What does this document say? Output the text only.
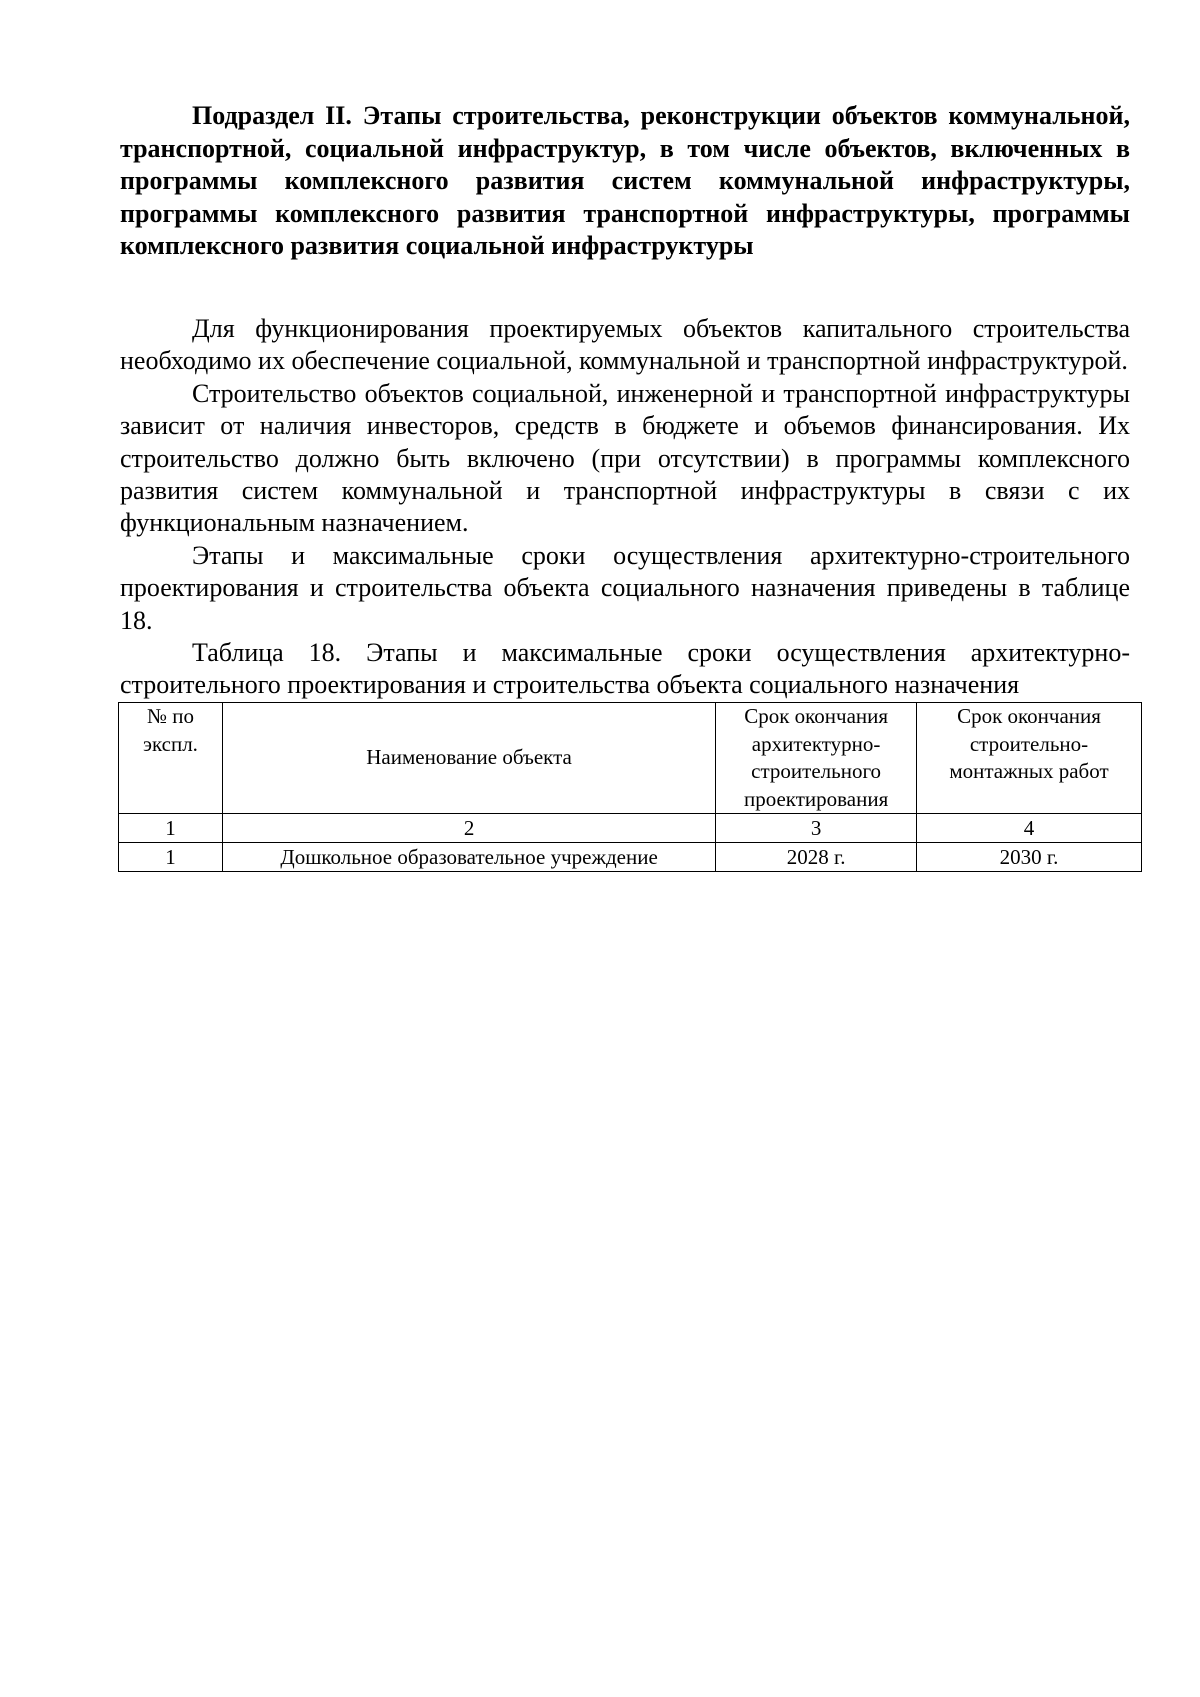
Подраздел II. Этапы строительства, реконструкции объектов коммунальной, транспортной, социальной инфраструктур, в том числе объектов, включенных в программы комплексного развития систем коммунальной инфраструктуры, программы комплексного развития транспортной инфраструктуры, программы комплексного развития социальной инфраструктуры

Для функционирования проектируемых объектов капитального строительства необходимо их обеспечение социальной, коммунальной и транспортной инфраструктурой.

Строительство объектов социальной, инженерной и транспортной инфраструктуры зависит от наличия инвесторов, средств в бюджете и объемов финансирования. Их строительство должно быть включено (при отсутствии) в программы комплексного развития систем коммунальной и транспортной инфраструктуры в связи с их функциональным назначением.

Этапы и максимальные сроки осуществления архитектурно-строительного проектирования и строительства объекта социального назначения приведены в таблице 18.

Таблица 18. Этапы и максимальные сроки осуществления архитектурно-строительного проектирования и строительства объекта социального назначения

№ по экспл.	Наименование объекта	Срок окончания архитектурно-строительного проектирования	Срок окончания строительно-монтажных работ
1	2	3	4
1	Дошкольное образовательное учреждение	2028 г.	2030 г.
